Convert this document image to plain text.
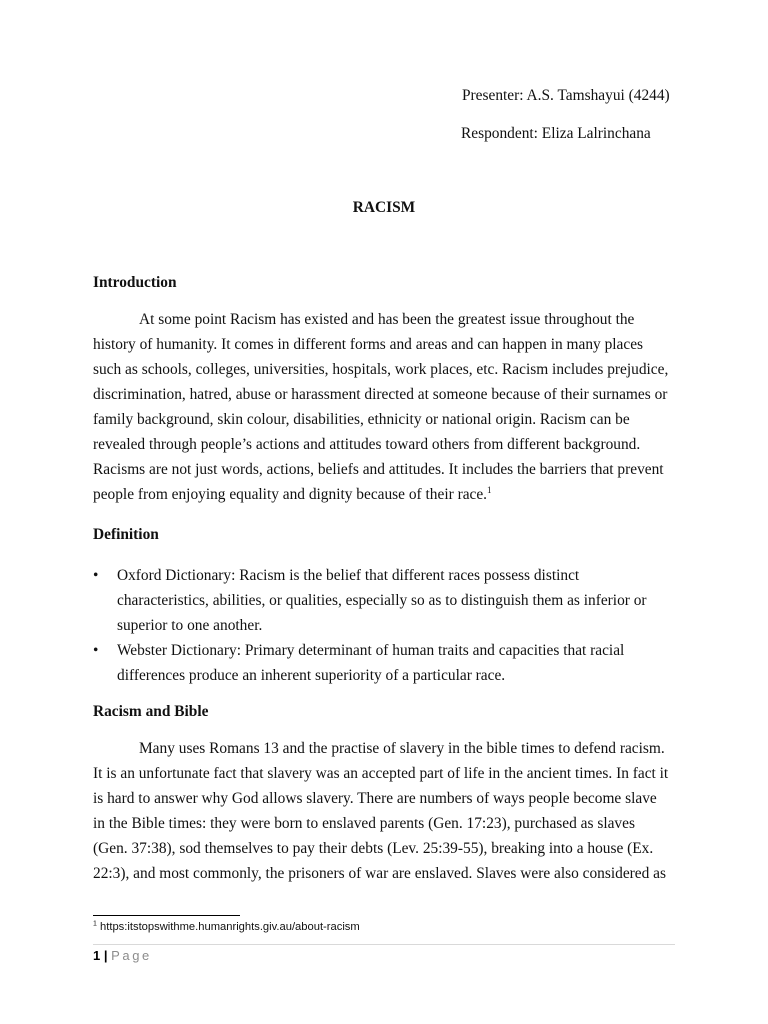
Presenter: A.S. Tamshayui (4244)
Respondent: Eliza Lalrinchana
RACISM
Introduction
At some point Racism has existed and has been the greatest issue throughout the
history of humanity. It comes in different forms and areas and can happen in many places
such as schools, colleges, universities, hospitals, work places, etc. Racism includes prejudice,
discrimination, hatred, abuse or harassment directed at someone because of their surnames or
family background, skin colour, disabilities, ethnicity or national origin. Racism can be
revealed through people’s actions and attitudes toward others from different background.
Racisms are not just words, actions, beliefs and attitudes. It includes the barriers that prevent
people from enjoying equality and dignity because of their race.$^1$
Definition
• Oxford Dictionary: Racism is the belief that different races possess distinct
characteristics, abilities, or qualities, especially so as to distinguish them as inferior or
superior to one another.
• Webster Dictionary: Primary determinant of human traits and capacities that racial
differences produce an inherent superiority of a particular race.
Racism and Bible
Many uses Romans 13 and the practise of slavery in the bible times to defend racism.
It is an unfortunate fact that slavery was an accepted part of life in the ancient times. In fact it
is hard to answer why God allows slavery. There are numbers of ways people become slave
in the Bible times: they were born to enslaved parents (Gen. 17:23), purchased as slaves
(Gen. 37:38), sod themselves to pay their debts (Lev. 25:39-55), breaking into a house (Ex.
22:3), and most commonly, the prisoners of war are enslaved. Slaves were also considered as
$^1$ https:itstopswithme.humanrights.giv.au/about-racism
1 | Page
